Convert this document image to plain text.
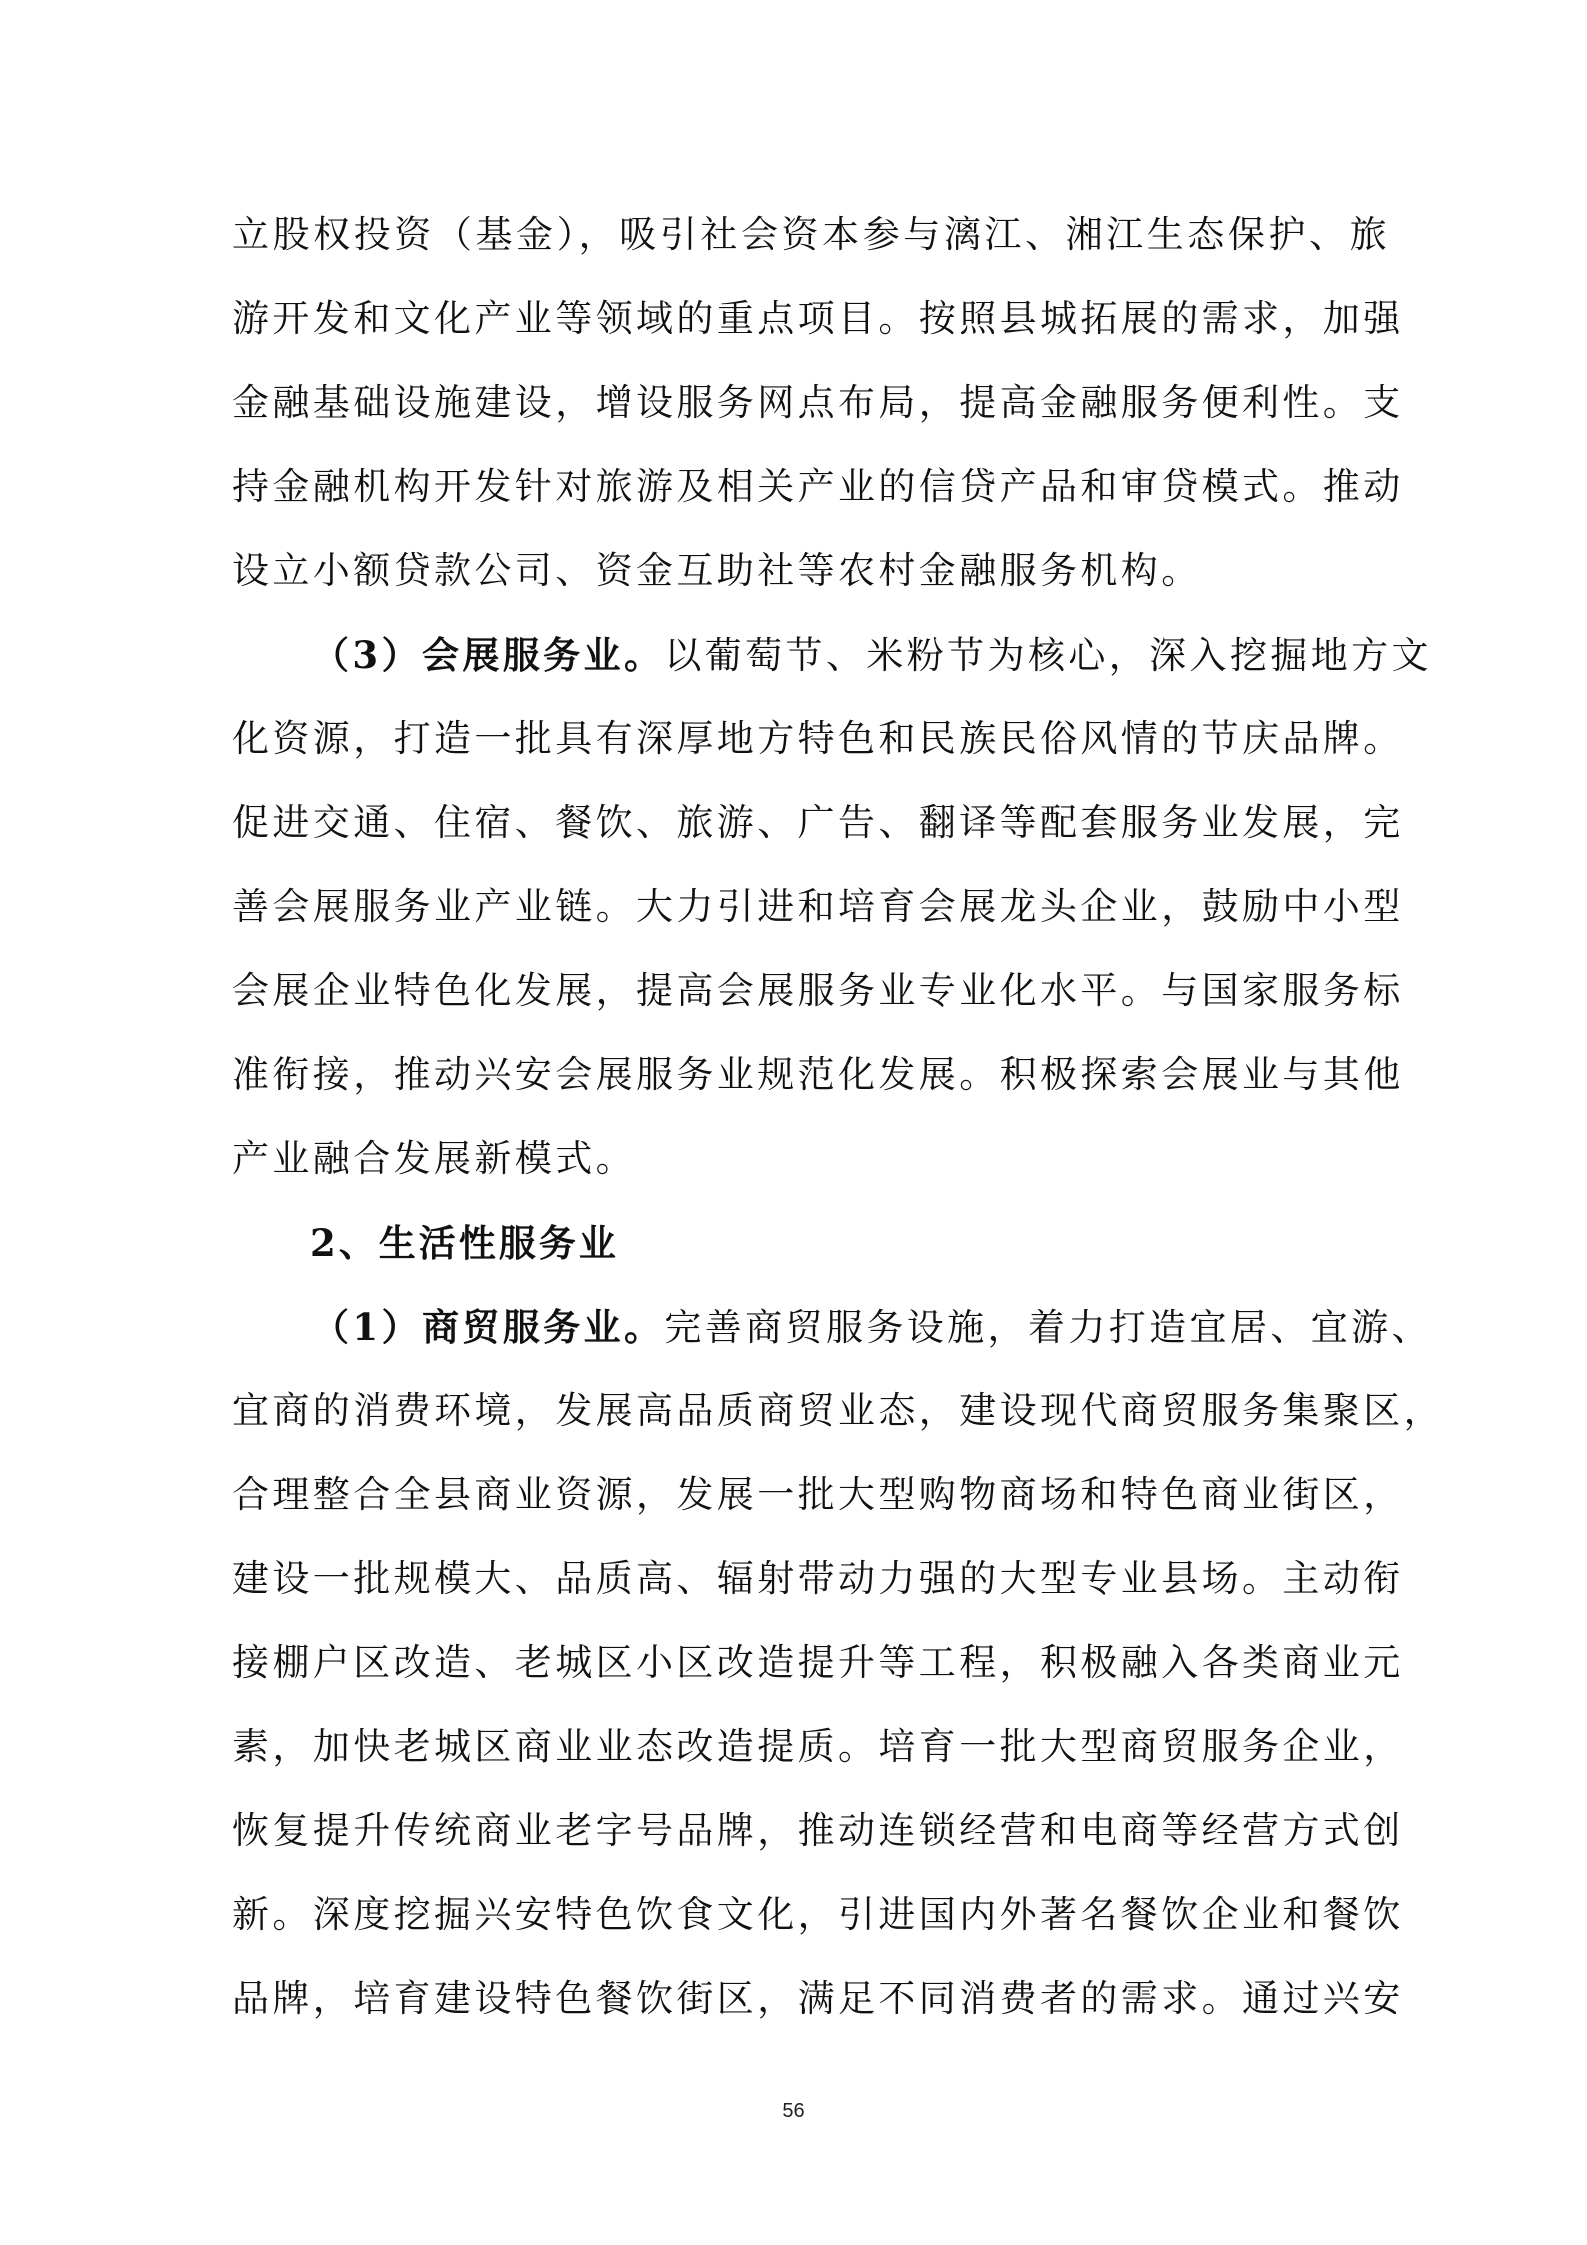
立股权投资（基金），吸引社会资本参与漓江、湘江生态保护、旅
游开发和文化产业等领域的重点项目。按照县城拓展的需求，加强
金融基础设施建设，增设服务网点布局，提高金融服务便利性。支
持金融机构开发针对旅游及相关产业的信贷产品和审贷模式。推动
设立小额贷款公司、资金互助社等农村金融服务机构。
（3）会展服务业。以葡萄节、米粉节为核心，深入挖掘地方文
化资源，打造一批具有深厚地方特色和民族民俗风情的节庆品牌。
促进交通、住宿、餐饮、旅游、广告、翻译等配套服务业发展，完
善会展服务业产业链。大力引进和培育会展龙头企业，鼓励中小型
会展企业特色化发展，提高会展服务业专业化水平。与国家服务标
准衔接，推动兴安会展服务业规范化发展。积极探索会展业与其他
产业融合发展新模式。
2、生活性服务业
（1）商贸服务业。完善商贸服务设施，着力打造宜居、宜游、
宜商的消费环境，发展高品质商贸业态，建设现代商贸服务集聚区，
合理整合全县商业资源，发展一批大型购物商场和特色商业街区，
建设一批规模大、品质高、辐射带动力强的大型专业县场。主动衔
接棚户区改造、老城区小区改造提升等工程，积极融入各类商业元
素，加快老城区商业业态改造提质。培育一批大型商贸服务企业，
恢复提升传统商业老字号品牌，推动连锁经营和电商等经营方式创
新。深度挖掘兴安特色饮食文化，引进国内外著名餐饮企业和餐饮
品牌，培育建设特色餐饮街区，满足不同消费者的需求。通过兴安
56
